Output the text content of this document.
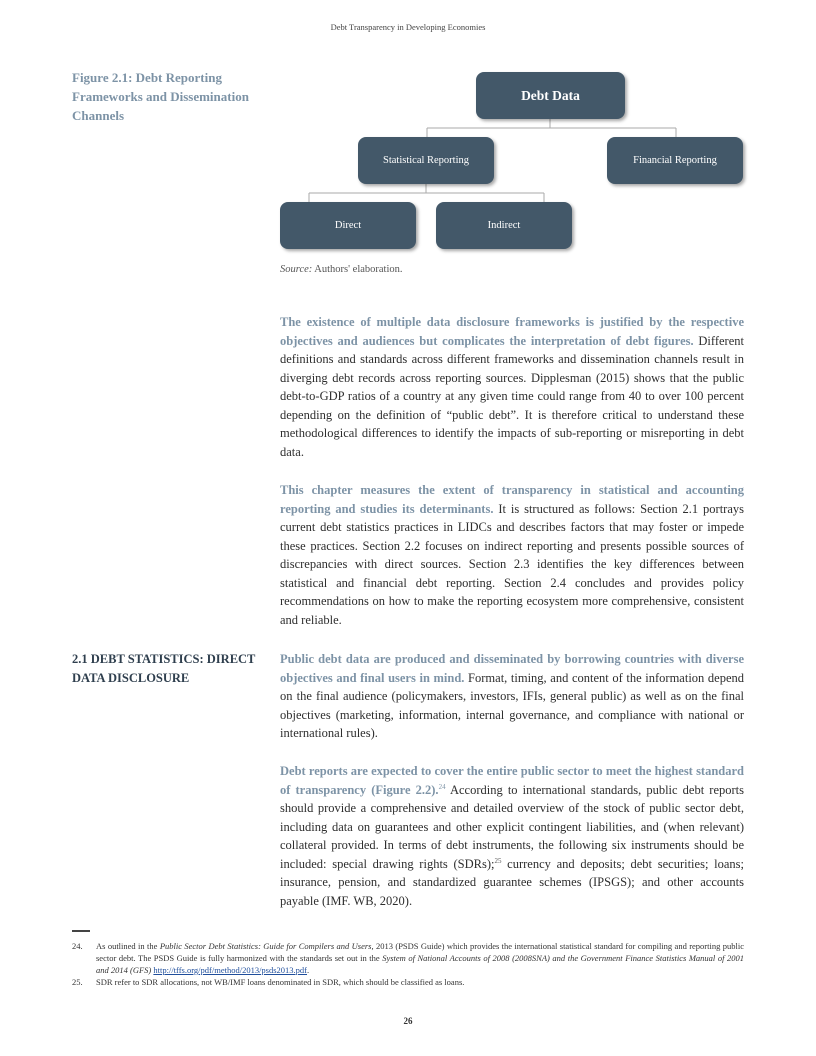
Debt Transparency in Developing Economies
Figure 2.1: Debt Reporting Frameworks and Dissemination Channels
Debt Data
Statistical Reporting	Financial Reporting
Direct	Indirect
Source: Authors' elaboration.

The existence of multiple data disclosure frameworks is justified by the respective objectives and audiences but complicates the interpretation of debt figures. Different definitions and standards across different frameworks and dissemination channels result in diverging debt records across reporting sources. Dipplesman (2015) shows that the public debt-to-GDP ratios of a country at any given time could range from 40 to over 100 percent depending on the definition of “public debt”. It is therefore critical to understand these methodological differences to identify the impacts of sub-reporting or misreporting in debt data.

This chapter measures the extent of transparency in statistical and accounting reporting and studies its determinants. It is structured as follows: Section 2.1 portrays current debt statistics practices in LIDCs and describes factors that may foster or impede these practices. Section 2.2 focuses on indirect reporting and presents possible sources of discrepancies with direct sources. Section 2.3 identifies the key differences between statistical and financial debt reporting. Section 2.4 concludes and provides policy recommendations on how to make the reporting ecosystem more comprehensive, consistent and reliable.

2.1 DEBT STATISTICS: DIRECT DATA DISCLOSURE

Public debt data are produced and disseminated by borrowing countries with diverse objectives and final users in mind. Format, timing, and content of the information depend on the final audience (policymakers, investors, IFIs, general public) as well as on the final objectives (marketing, information, internal governance, and compliance with national or international rules).

Debt reports are expected to cover the entire public sector to meet the highest standard of transparency (Figure 2.2).$^{24}$ According to international standards, public debt reports should provide a comprehensive and detailed overview of the stock of public sector debt, including data on guarantees and other explicit contingent liabilities, and (when relevant) collateral provided. In terms of debt instruments, the following six instruments should be included: special drawing rights (SDRs);$^{25}$ currency and deposits; debt securities; loans; insurance, pension, and standardized guarantee schemes (IPSGS); and other accounts payable (IMF. WB, 2020).

24.	As outlined in the Public Sector Debt Statistics: Guide for Compilers and Users, 2013 (PSDS Guide) which provides the international statistical standard for compiling and reporting public sector debt. The PSDS Guide is fully harmonized with the standards set out in the System of National Accounts of 2008 (2008SNA) and the Government Finance Statistics Manual of 2001 and 2014 (GFS) http://tffs.org/pdf/method/2013/psds2013.pdf.
25.	SDR refer to SDR allocations, not WB/IMF loans denominated in SDR, which should be classified as loans.
26
